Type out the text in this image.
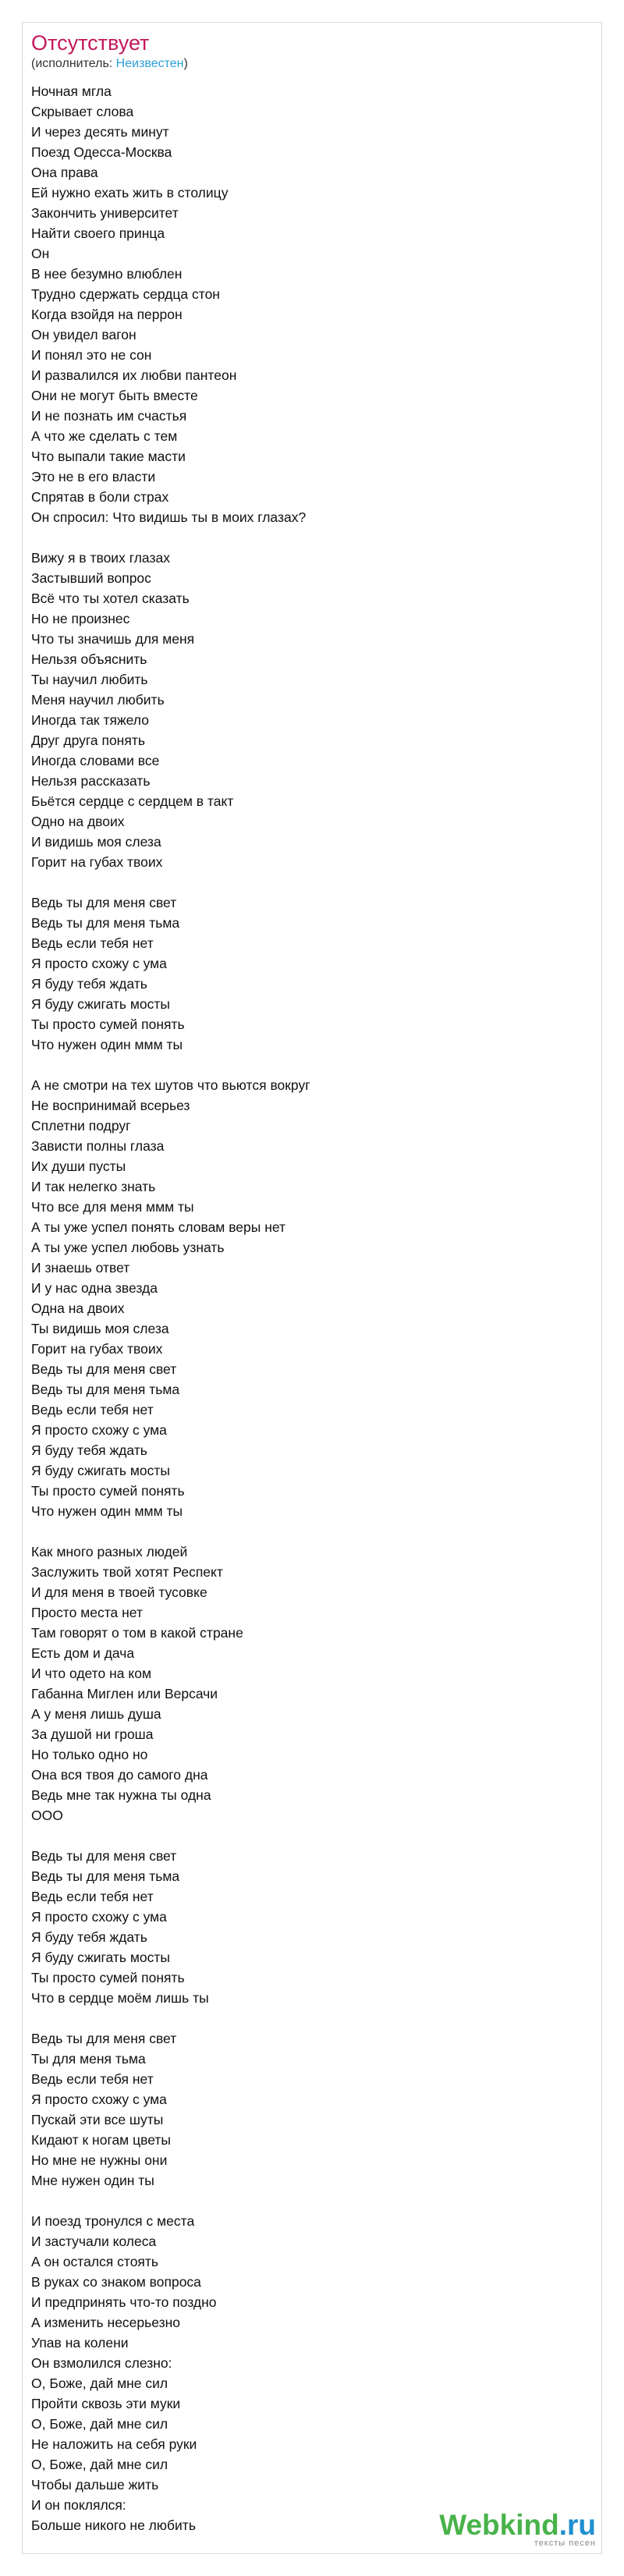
Отсутствует
(исполнитель: Неизвестен)
Ночная мгла
Скрывает слова
И через десять минут
Поезд Одесса-Москва
Она права
Ей нужно ехать жить в столицу
Закончить университет
Найти своего принца
Он
В нее безумно влюблен
Трудно сдержать сердца стон
Когда взойдя на перрон
Он увидел вагон
И понял это не сон
И развалился их любви пантеон
Они не могут быть вместе
И не познать им счастья
А что же сделать с тем
Что выпали такие масти
Это не в его власти
Спрятав в боли страх
Он спросил: Что видишь ты в моих глазах?
Вижу я в твоих глазах
Застывший вопрос
Всё что ты хотел сказать
Но не произнес
Что ты значишь для меня
Нельзя объяснить
Ты научил любить
Меня научил любить
Иногда так тяжело
Друг друга понять
Иногда словами все
Нельзя рассказать
Бьётся сердце с сердцем в такт
Одно на двоих
И видишь моя слеза
Горит на губах твоих
Ведь ты для меня свет
Ведь ты для меня тьма
Ведь если тебя нет
Я просто схожу с ума
Я буду тебя ждать
Я буду сжигать мосты
Ты просто сумей понять
Что нужен один ммм ты
А не смотри на тех шутов что вьются вокруг
Не воспринимай всерьез
Сплетни подруг
Зависти полны глаза
Их души пусты
И так нелегко знать
Что все для меня ммм ты
А ты уже успел понять словам веры нет
А ты уже успел любовь узнать
И знаешь ответ
И у нас одна звезда
Одна на двоих
Ты видишь моя слеза
Горит на губах твоих
Ведь ты для меня свет
Ведь ты для меня тьма
Ведь если тебя нет
Я просто схожу с ума
Я буду тебя ждать
Я буду сжигать мосты
Ты просто сумей понять
Что нужен один ммм ты
Как много разных людей
Заслужить твой хотят Респект
И для меня в твоей тусовке
Просто места нет
Там говорят о том в какой стране
Есть дом и дача
И что одето на ком
Габанна Миглен или Версачи
А у меня лишь душа
За душой ни гроша
Но только одно но
Она вся твоя до самого дна
Ведь мне так нужна ты одна
ООО
Ведь ты для меня свет
Ведь ты для меня тьма
Ведь если тебя нет
Я просто схожу с ума
Я буду тебя ждать
Я буду сжигать мосты
Ты просто сумей понять
Что в сердце моём лишь ты
Ведь ты для меня свет
Ты для меня тьма
Ведь если тебя нет
Я просто схожу с ума
Пускай эти все шуты
Кидают к ногам цветы
Но мне не нужны они
Мне нужен один ты
И поезд тронулся с места
И застучали колеса
А он остался стоять
В руках со знаком вопроса
И предпринять что-то поздно
А изменить несерьезно
Упав на колени
Он взмолился слезно:
О, Боже, дай мне сил
Пройти сквозь эти муки
О, Боже, дай мне сил
Не наложить на себя руки
О, Боже, дай мне сил
Чтобы дальше жить
И он поклялся:
Больше никого не любить	Webkind.ru
тексты песен
